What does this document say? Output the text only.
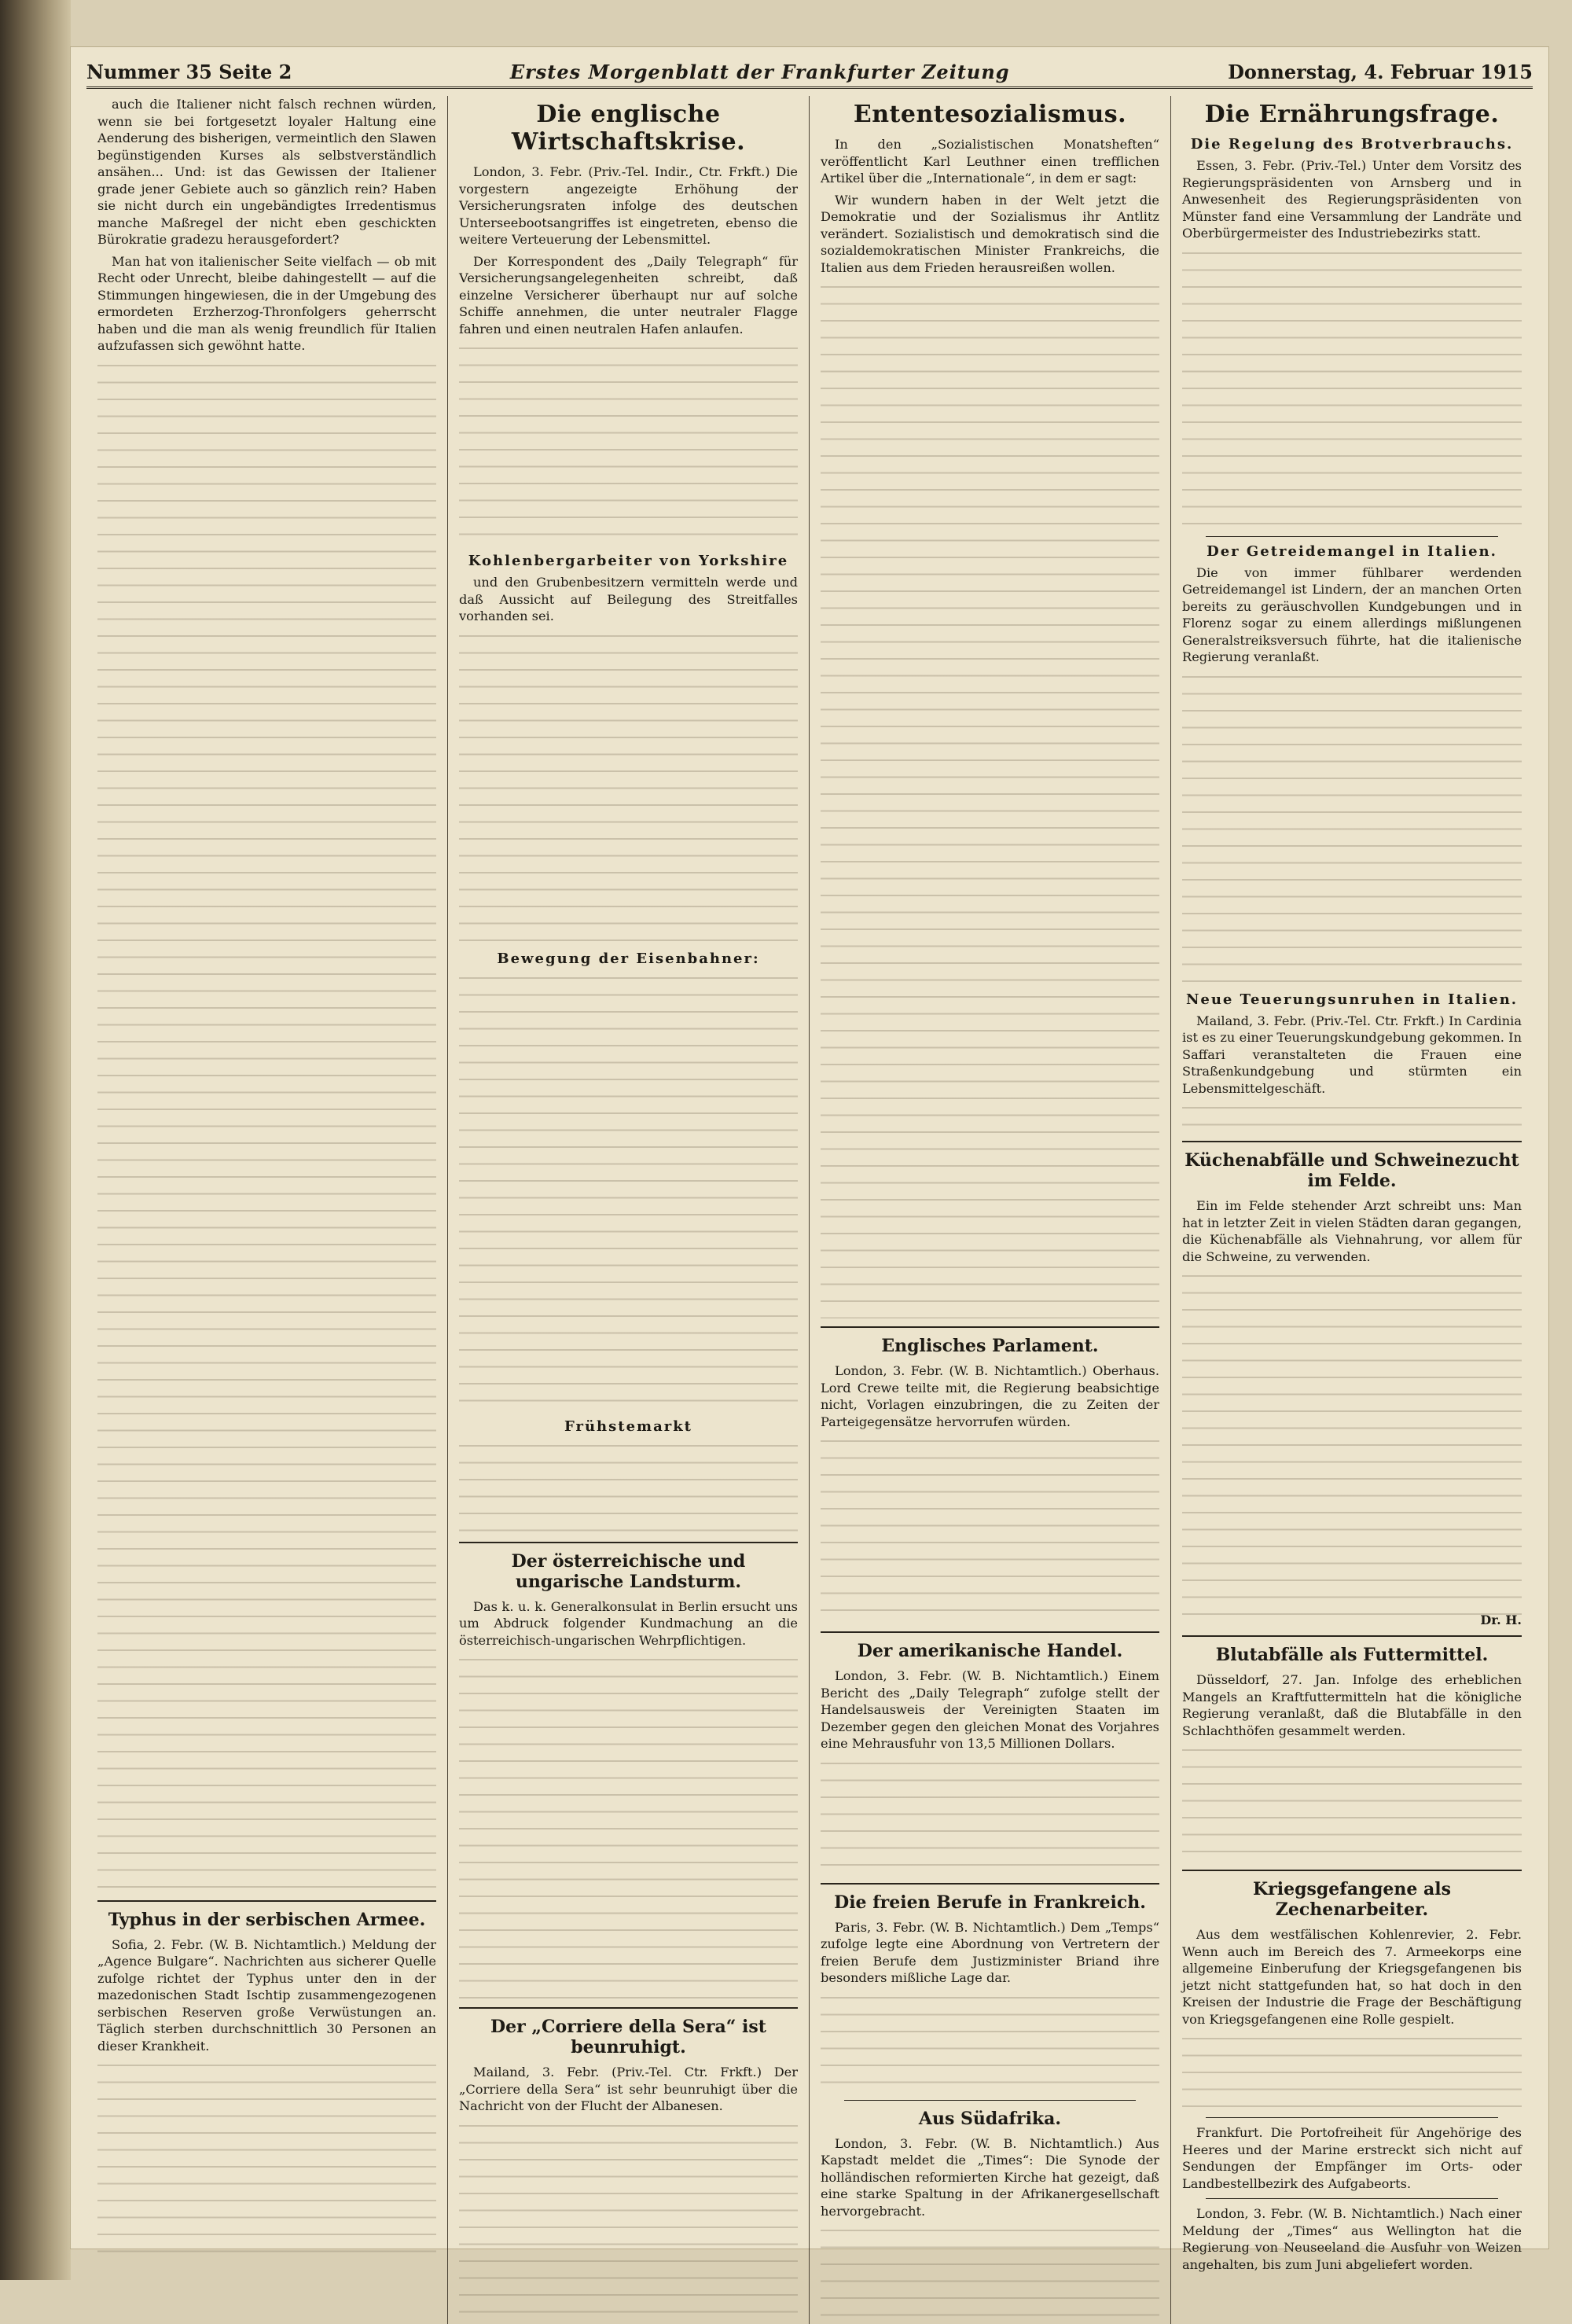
Nummer 35 Seite 2	Erstes Morgenblatt der Frankfurter Zeitung	Donnerstag, 4. Februar 1915

auch die Italiener nicht falsch rechnen würden, wenn sie bei fortgesetzt loyaler Haltung eine Aenderung des bisherigen, vermeintlich den Slawen begünstigenden Kurses als selbstverständlich ansähen... Und: ist das Gewissen der Italiener grade jener Gebiete auch so gänzlich rein? Haben sie nicht durch ein ungebändigtes Irredentismus manche Maßregel der nicht eben geschickten Bürokratie gradezu herausgefordert?

Man hat von italienischer Seite vielfach — ob mit Recht oder Unrecht, bleibe dahingestellt — auf die Stimmungen hingewiesen, die in der Umgebung des ermordeten Erzherzog-Thronfolgers geherrscht haben und die man als wenig freundlich für Italien aufzufassen sich gewöhnt hatte.

Typhus in der serbischen Armee.

Sofia, 2. Febr. (W. B. Nichtamtlich.) Meldung der „Agence Bulgare“. Nachrichten aus sicherer Quelle zufolge richtet der Typhus unter den in der mazedonischen Stadt Ischtip zusammengezogenen serbischen Reserven große Verwüstungen an. Täglich sterben durchschnittlich 30 Personen an dieser Krankheit.

Die englische Wirtschaftskrise.

London, 3. Febr. (Priv.-Tel. Indir., Ctr. Frkft.) Die vorgestern angezeigte Erhöhung der Versicherungsraten infolge des deutschen Unterseebootsangriffes ist eingetreten, ebenso die weitere Verteuerung der Lebensmittel.

Der Korrespondent des „Daily Telegraph“ für Versicherungsangelegenheiten schreibt, daß einzelne Versicherer überhaupt nur auf solche Schiffe annehmen, die unter neutraler Flagge fahren und einen neutralen Hafen anlaufen.

Kohlenbergarbeiter von Yorkshire

und den Grubenbesitzern vermitteln werde und daß Aussicht auf Beilegung des Streitfalles vorhanden sei.

Bewegung der Eisenbahner:
Frühstemarkt
Der österreichische und ungarische Landsturm.

Das k. u. k. Generalkonsulat in Berlin ersucht uns um Abdruck folgender Kundmachung an die österreichisch-ungarischen Wehrpflichtigen.

Der „Corriere della Sera“ ist beunruhigt.

Mailand, 3. Febr. (Priv.-Tel. Ctr. Frkft.) Der „Corriere della Sera“ ist sehr beunruhigt über die Nachricht von der Flucht der Albanesen.

Ententesozialismus.

In den „Sozialistischen Monatsheften“ veröffentlicht Karl Leuthner einen trefflichen Artikel über die „Internationale“, in dem er sagt:

Wir wundern haben in der Welt jetzt die Demokratie und der Sozialismus ihr Antlitz verändert. Sozialistisch und demokratisch sind die sozialdemokratischen Minister Frankreichs, die Italien aus dem Frieden herausreißen wollen.

Englisches Parlament.

London, 3. Febr. (W. B. Nichtamtlich.) Oberhaus. Lord Crewe teilte mit, die Regierung beabsichtige nicht, Vorlagen einzubringen, die zu Zeiten der Parteigegensätze hervorrufen würden.

Der amerikanische Handel.

London, 3. Febr. (W. B. Nichtamtlich.) Einem Bericht des „Daily Telegraph“ zufolge stellt der Handelsausweis der Vereinigten Staaten im Dezember gegen den gleichen Monat des Vorjahres eine Mehrausfuhr von 13,5 Millionen Dollars.

Die freien Berufe in Frankreich.

Paris, 3. Febr. (W. B. Nichtamtlich.) Dem „Temps“ zufolge legte eine Abordnung von Vertretern der freien Berufe dem Justizminister Briand ihre besonders mißliche Lage dar.

Aus Südafrika.

London, 3. Febr. (W. B. Nichtamtlich.) Aus Kapstadt meldet die „Times“: Die Synode der holländischen reformierten Kirche hat gezeigt, daß eine starke Spaltung in der Afrikanergesellschaft hervorgebracht.

Die Ernährungsfrage.
Die Regelung des Brotverbrauchs.

Essen, 3. Febr. (Priv.-Tel.) Unter dem Vorsitz des Regierungspräsidenten von Arnsberg und in Anwesenheit des Regierungspräsidenten von Münster fand eine Versammlung der Landräte und Oberbürgermeister des Industriebezirks statt.

Der Getreidemangel in Italien.

Die von immer fühlbarer werdenden Getreidemangel ist Lindern, der an manchen Orten bereits zu geräuschvollen Kundgebungen und in Florenz sogar zu einem allerdings mißlungenen Generalstreiksversuch führte, hat die italienische Regierung veranlaßt.

Neue Teuerungsunruhen in Italien.

Mailand, 3. Febr. (Priv.-Tel. Ctr. Frkft.) In Cardinia ist es zu einer Teuerungskundgebung gekommen. In Saffari veranstalteten die Frauen eine Straßenkundgebung und stürmten ein Lebensmittelgeschäft.

Küchenabfälle und Schweinezucht im Felde.

Ein im Felde stehender Arzt schreibt uns: Man hat in letzter Zeit in vielen Städten daran gegangen, die Küchenabfälle als Viehnahrung, vor allem für die Schweine, zu verwenden.

Dr. H.
Blutabfälle als Futtermittel.

Düsseldorf, 27. Jan. Infolge des erheblichen Mangels an Kraftfuttermitteln hat die königliche Regierung veranlaßt, daß die Blutabfälle in den Schlachthöfen gesammelt werden.

Kriegsgefangene als Zechenarbeiter.

Aus dem westfälischen Kohlenrevier, 2. Febr. Wenn auch im Bereich des 7. Armeekorps eine allgemeine Einberufung der Kriegsgefangenen bis jetzt nicht stattgefunden hat, so hat doch in den Kreisen der Industrie die Frage der Beschäftigung von Kriegsgefangenen eine Rolle gespielt.

Frankfurt. Die Portofreiheit für Angehörige des Heeres und der Marine erstreckt sich nicht auf Sendungen der Empfänger im Orts- oder Landbestellbezirk des Aufgabeorts.

London, 3. Febr. (W. B. Nichtamtlich.) Nach einer Meldung der „Times“ aus Wellington hat die Regierung von Neuseeland die Ausfuhr von Weizen angehalten, bis zum Juni abgeliefert worden.
